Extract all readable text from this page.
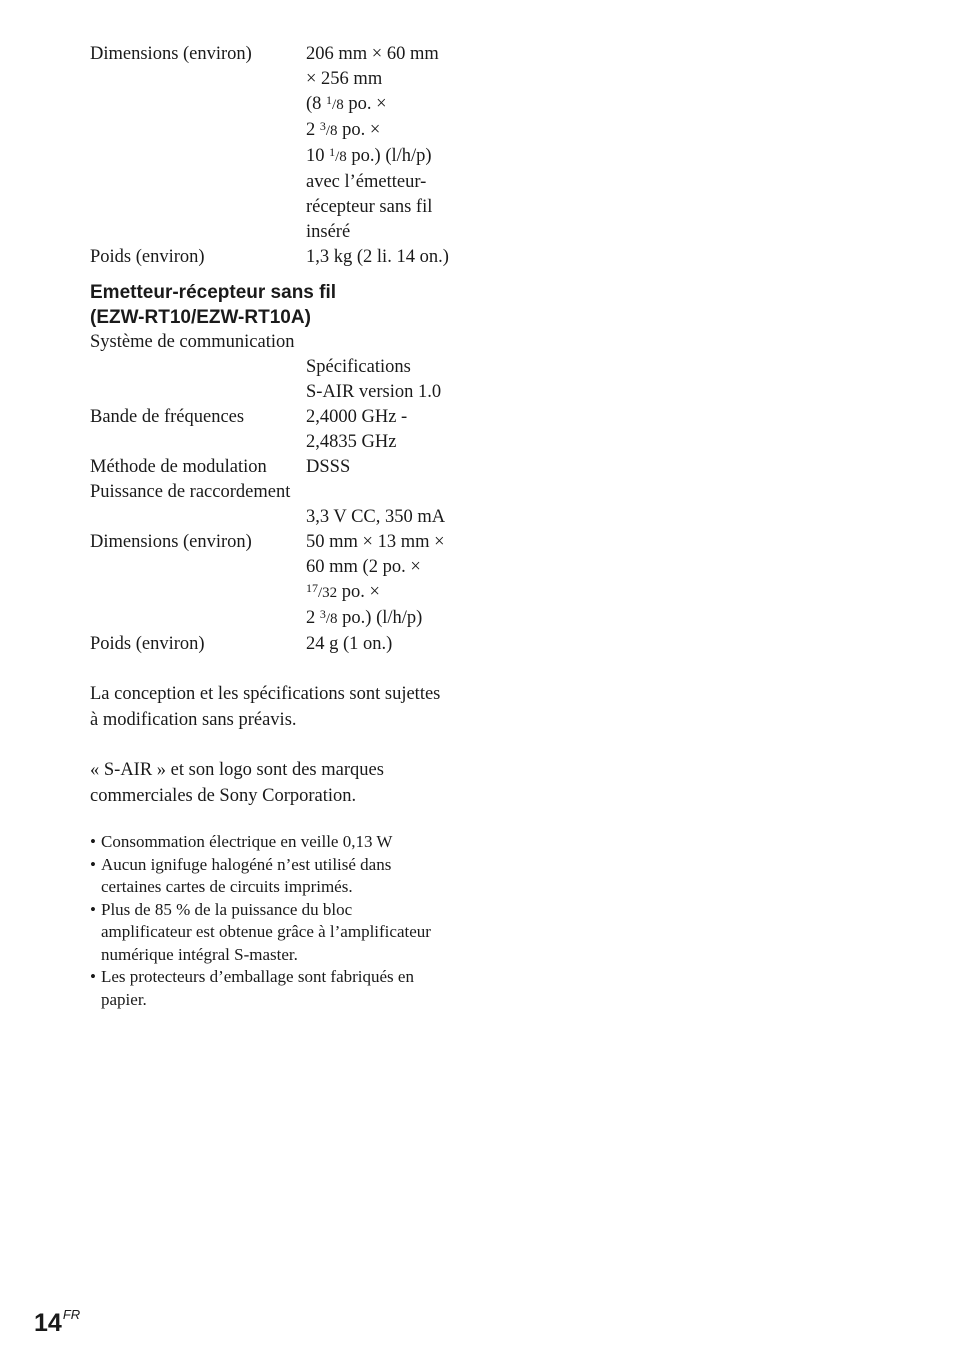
Dimensions (environ)	206 mm × 60 mm
× 256 mm
(8 $^1$/8 po. ×
2 $^3$/8 po. ×
10 $^1$/8 po.) (l/h/p)
avec l’émetteur-
récepteur sans fil
inséré
Poids (environ)	1,3 kg (2 li. 14 on.)
Emetteur-récepteur sans fil
(EZW-RT10/EZW-RT10A)
Système de communication
Spécifications
S-AIR version 1.0
Bande de fréquences	2,4000 GHz -
2,4835 GHz
Méthode de modulation	DSSS
Puissance de raccordement
3,3 V CC, 350 mA
Dimensions (environ)	50 mm × 13 mm ×
60 mm (2 po. ×
$^{17}$/32 po. ×
2 $^3$/8 po.) (l/h/p)
Poids (environ)	24 g (1 on.)

La conception et les spécifications sont sujettes
à modification sans préavis.

« S-AIR » et son logo sont des marques
commerciales de Sony Corporation.

• Consommation électrique en veille 0,13 W
• Aucun ignifuge halogéné n’est utilisé dans
certaines cartes de circuits imprimés.
• Plus de 85 % de la puissance du bloc
amplificateur est obtenue grâce à l’amplificateur
numérique intégral S-master.
• Les protecteurs d’emballage sont fabriqués en
papier.
$14^{FR}$
